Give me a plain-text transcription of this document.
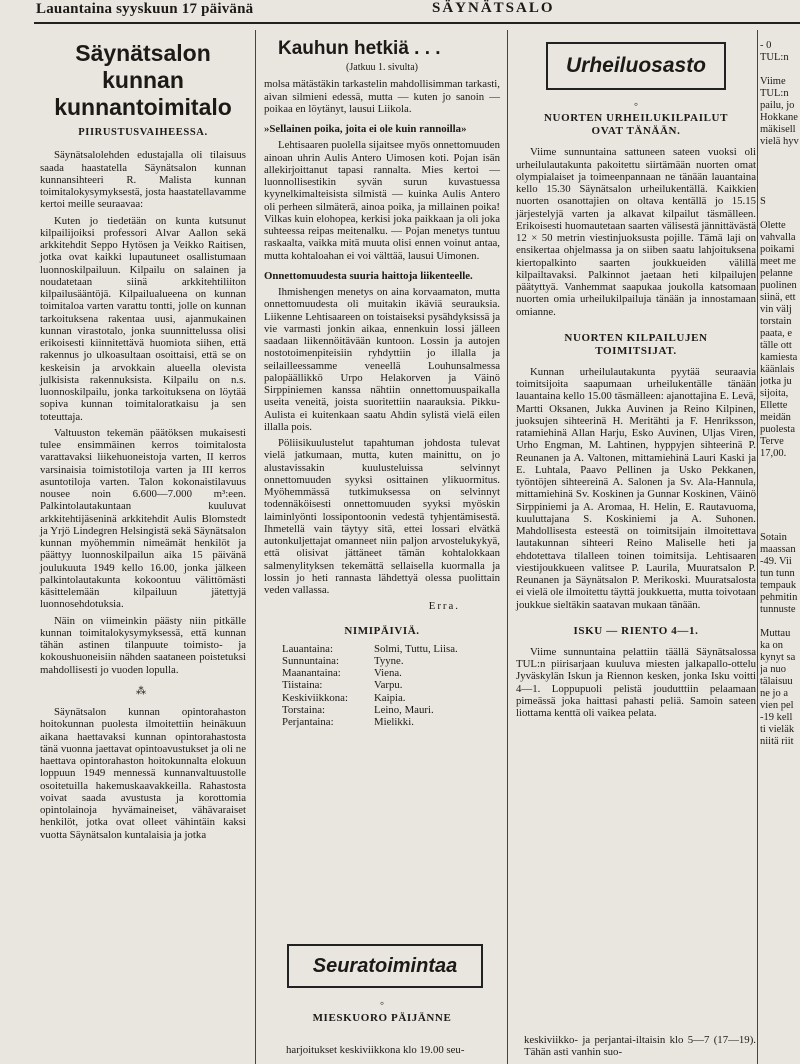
Lauantaina syyskuun 17 päivänä	SÄYNÄTSALO
Säynätsalon kunnan
kunnantoimitalo
PIIRUSTUSVAIHEESSA.

Säynätsalolehden edustajalla oli tilaisuus saada haastatella Säynätsalon kunnan kunnansihteeri R. Malista kunnan toimitalokysymyksestä, josta haastatellavamme kertoi meille seuraavaa:

Kuten jo tiedetään on kunta kutsunut kilpailijoiksi professori Alvar Aallon sekä arkkitehdit Seppo Hytösen ja Veikko Raitisen, jotka ovat kaikki lupautuneet osallistumaan luonnoskilpailuun. Kilpailu on salainen ja noudatetaan siinä arkkitehtiliiton kilpailusääntöjä. Kilpailualueena on kunnan toimitaloa varten varattu tontti, jolle on kunnan tarkoituksena rakentaa uusi, ajanmukainen kunnan virastotalo, jonka suunnittelussa olisi erikoisesti kiinnitettävä huomiota siihen, että rakennus jo ulkoasultaan osoittaisi, että se on keskeisin ja arvokkain alueella olevista julkisista rakennuksista. Kilpailu on n.s. luonnoskilpailu, jonka tarkoituksena on löytää sopiva kunnan toimitaloratkaisu ja sen toteuttaja.

Valtuuston tekemän päätöksen mukaisesti tulee ensimmäinen kerros toimitalosta varattavaksi liikehuoneistoja varten, II kerros varsinaisia toimistotiloja varten ja III kerros asuntotiloja varten. Talon kokonaistilavuus nousee noin 6.600—7.000 m³:een. Palkintolautakuntaan kuuluvat arkkitehtijäseninä arkkitehdit Aulis Blomstedt ja Yrjö Lindegren Helsingistä sekä Säynätsalon kunnan myöhemmin nimeämät henkilöt ja päättyy luonnoskilpailun aika 15 päivänä joulukuuta 1949 kello 16.00, jonka jälkeen palkintolautakunta kokoontuu välittömästi käsittelemään kilpailuun jätettyjä luonnosehdotuksia.

Näin on viimeinkin päästy niin pitkälle kunnan toimitalokysymyksessä, että kunnan tähän astinen tilanpuute toimisto- ja kokoushuoneisiin nähden saataneen poistetuksi mahdollisesti jo vuoden lopulla.

⁂

Säynätsalon kunnan opintorahaston hoitokunnan puolesta ilmoitettiin heinäkuun aikana haettavaksi kunnan opintorahastosta tänä vuonna jaettavat opintoavustukset ja oli ne haettava opintorahaston hoitokunnalta elokuun loppuun 1949 mennessä kunnanvaltuustolle osoitetuilla hakemuskaavakkeilla. Rahastosta voivat saada avustusta ja korottomia opintolainoja hyvämaineiset, vähävaraiset henkilöt, jotka ovat olleet vähintäin kaksi vuotta Säynätsalon kuntalaisia ja jotka

Kauhun hetkiä . . .
(Jatkuu 1. sivulta)

molsa mätästäkin tarkastelin mahdollisimman tarkasti, aivan silmieni edessä, mutta — kuten jo sanoin — poikaa en löytänyt, lausui Liikola.

»Sellainen poika, joita ei ole kuin rannoilla»

Lehtisaaren puolella sijaitsee myös onnettomuuden ainoan uhrin Aulis Antero Uimosen koti. Pojan isän allekirjoittanut tapasi rannalta. Mies kertoi — luonnollisestikin syvän surun kuvastuessa kyynelkimalteisista silmistä — kuinka Aulis Antero oli perheen silmäterä, ainoa poika, ja millainen poika! Vilkas kuin elohopea, kerkisi joka paikkaan ja oli joka suhteessa reipas meitenalku. — Pojan menetys tuntuu raskaalta, vaikka mitä muuta olisi ennen voinut antaa, mutta kohtaloahan ei voi välttää, lausui Uimonen.

Onnettomuudesta suuria haittoja liikenteelle.

Ihmishengen menetys on aina korvaamaton, mutta onnettomuudesta oli muitakin ikäviä seurauksia. Liikenne Lehtisaareen on toistaiseksi pysähdyksissä ja vie varmasti jonkin aikaa, ennenkuin lossi jälleen saadaan liikennöitävään kuntoon. Lossin ja autojen nostotoimenpiteisiin ryhdyttiin jo illalla ja seilailleessamme veneellä Louhunsalmessa palopäällikkö Urpo Helakorven ja Väinö Sirppiniemen kanssa nähtiin onnettomuuspaikalla useita veneitä, joista suoritettiin naarauksia. Pikku-Aulista ei kuitenkaan saatu Ahdin sylistä vielä eilen illalla pois.

Pöliisikuulustelut tapahtuman johdosta tulevat vielä jatkumaan, mutta, kuten mainittu, on jo alustavissakin kuulusteluissa selvinnyt onnettomuuden syyksi osittainen ylikuormitus. Myöhemmässä tutkimuksessa on selvinnyt todennäköisesti onnettomuuden syyksi myöskin laiminlyönti lossipontoonin vedestä tyhjentämisestä. Ihmetellä vain täytyy sitä, ettei lossari elvätkä autonkuljettajat omanneet niin paljon arvostelukykyä, että olisivat jättäneet tämän kohtalokkaan salmenylityksen tekemättä sellaisella kuormalla ja lossin jo heti rannasta lähdettyä olessa puolittain veden vallassa.

Erra.
NIMIPÄIVIÄ.
Lauantaina:	Solmi, Tuttu, Liisa.
Sunnuntaina:	Tyyne.
Maanantaina:	Viena.
Tiistaina:	Varpu.
Keskiviikkona:	Kaipia.
Torstaina:	Leino, Mauri.
Perjantaina:	Mielikki.
Seuratoimintaa
◦
MIESKUORO PÄIJÄNNE
harjoitukset keskiviikkona klo 19.00 seu-
Urheiluosasto
◦
NUORTEN URHEILUKILPAILUT
OVAT TÄNÄÄN.

Viime sunnuntaina sattuneen sateen vuoksi oli urheilulautakunta pakoitettu siirtämään nuorten omat olympialaiset ja toimeenpannaan ne tänään lauantaina kello 15.30 Säynätsalon urheilukentällä. Kaikkien nuorten osanottajien on oltava kentällä jo 15.15 järjestelyjä varten ja alkavat kilpailut täsmälleen. Erikoisesti huomautetaan saarten välisestä jännittävästä 12 × 50 metrin viestinjuoksusta pojille. Tämä laji on ensikertaa ohjelmassa ja on siiben saatu lahjoituksena kiertopalkinto saarten joukkueiden välillä kilpailtavaksi. Palkinnot jaetaan heti kilpailujen päätyttyä. Vanhemmat saapukaa joukolla katsomaan nuorten omia urheilukilpailuja tänään ja innostamaan omianne.

NUORTEN KILPAILUJEN
TOIMITSIJAT.

Kunnan urheilulautakunta pyytää seuraavia toimitsijoita saapumaan urheilukentälle tänään lauantaina kello 15.00 täsmälleen: ajanottajina E. Levä, Martti Oksanen, Jukka Auvinen ja Reino Kilpinen, juoksujen sihteerinä H. Meritähti ja F. Henriksson, ratamiehinä Allan Harju, Esko Auvinen, Uljas Viren, Urho Engman, M. Lahtinen, hyppyjen sihteerinä P. Reunanen ja A. Valtonen, mittamiehinä Lauri Kaski ja E. Luhtala, Paavo Pellinen ja Usko Pekkanen, työntöjen sihteereinä A. Salonen ja Sv. Ala-Hannula, mittamiehinä Sv. Koskinen ja Gunnar Koskinen, Väinö Sirppiniemi ja A. Aromaa, H. Helin, E. Rautavuoma, kuuluttajana S. Koskiniemi ja A. Suhonen. Mahdollisesta esteestä on toimitsijain ilmoitettava lautakunnan sihteeri Reino Maliselle heti ja ehdotettava tilalleen toinen toimitsija. Lehtisaaren viestijoukkueen valitsee P. Laurila, Muuratsalon P. Reunanen ja Säynätsalon P. Merikoski. Muuratsalosta ei vielä ole ilmoitettu täyttä joukkuetta, mutta toivotaan joukkue sieltäkin saatavan mukaan tänään.

ISKU — RIENTO 4—1.

Viime sunnuntaina pelattiin täällä Säynätsalossa TUL:n piirisarjaan kuuluva miesten jalkapallo-ottelu Jyväskylän Iskun ja Riennon kesken, jonka Isku voitti 4—1. Loppupuoli pelistä joudutttiin pelaamaan pimeässä joka haittasi pahasti peliä. Samoin sateen liottama kenttä oli vaikea pelata.

keskiviikko- ja perjantai-iltaisin klo 5—7 (17—19). Tähän asti vanhin suo-
- 0
TUL:n

Viime
TUL:n
pailu, jo
Hokkane
mäkisell
vielä hyv

S

Olette
vahvalla
poikami
meet me
pelanne
puolinen
siinä, ett
vin välj
torstain
paata, e
tälle ott
kamiesta
käänlais
jotka ju
sijoita,
Ellette
meidän
puolesta
Terve
17,00.

Sotain
maassan
-49. Vii
tun tunn
tempauk
pehmitin
tunnuste

Muttau
ka on
kynyt sa
ja nuo
tälaisuu
ne jo a
vien pel
-19 kell
ti vieläk
niitä riit
